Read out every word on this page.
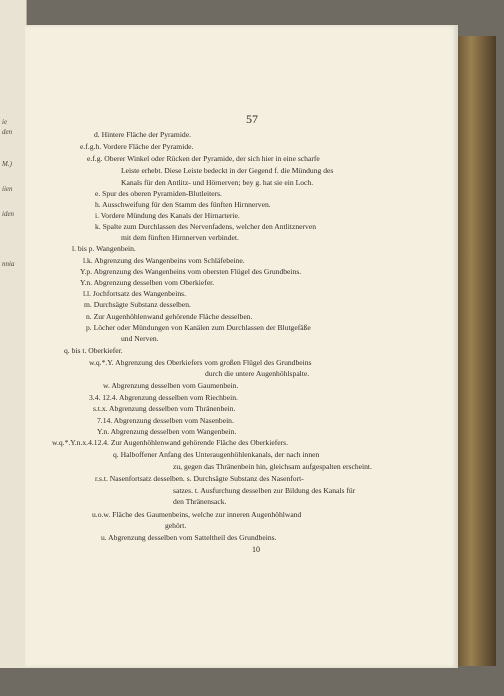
ie
den
M.)
iien
iden
nnia
57
d. Hintere Fläche der Pyramide.
e.f.g.h. Vordere Fläche der Pyramide.
e.f.g. Oberer Winkel oder Rücken der Pyramide, der sich hier in eine scharfe
Leiste erhebt. Diese Leiste bedeckt in der Gegend f. die Mündung des
Kanals für den Antlitz- und Hörnerven; bey g. hat sie ein Loch.
e. Spur des oberen Pyramiden-Blutleiters.
h. Ausschweifung für den Stamm des fünften Hirnnerven.
i. Vordere Mündung des Kanals der Hirnarterie.
k. Spalte zum Durchlassen des Nervenfadens, welcher den Antlitznerven
mit dem fünften Hirnnerven verbindet.
l. bis p. Wangenbein.
l.k. Abgrenzung des Wangenbeins vom Schläfebeine.
Y.p. Abgrenzung des Wangenbeins vom obersten Flügel des Grundbeins.
Y.n. Abgrenzung desselben vom Oberkiefer.
l.l. Jochfortsatz des Wangenbeins.
m. Durchsägte Substanz desselben.
n. Zur Augenhöhlenwand gehörende Fläche desselben.
p. Löcher oder Mündungen von Kanälen zum Durchlassen der Blutgefäße
und Nerven.
q. bis t. Oberkiefer.
w.q.*.Y. Abgrenzung des Oberkiefers vom großen Flügel des Grundbeins
durch die untere Augenhöhlspalte.
w. Abgrenzung desselben vom Gaumenbein.
3.4. 12.4. Abgrenzung desselben vom Riechbein.
s.t.x. Abgrenzung desselben vom Thränenbein.
7.14. Abgrenzung desselben vom Nasenbein.
Y.n. Abgrenzung desselben vom Wangenbein.
w.q.*.Y.n.x.4.12.4. Zur Augenhöhlenwand gehörende Fläche des Oberkiefers.
q. Halboffener Anfang des Unteraugenhöhlenkanals, der nach innen
zu, gegen das Thränenbein hin, gleichsam aufgespalten erscheint.
r.s.t. Nasenfortsatz desselben. s. Durchsägte Substanz des Nasenfort-
satzes. t. Ausfurchung desselben zur Bildung des Kanals für
den Thränensack.
u.o.w. Fläche des Gaumenbeins, welche zur inneren Augenhöhlwand
gehört.
u. Abgrenzung desselben vom Satteltheil des Grundbeins.
10
